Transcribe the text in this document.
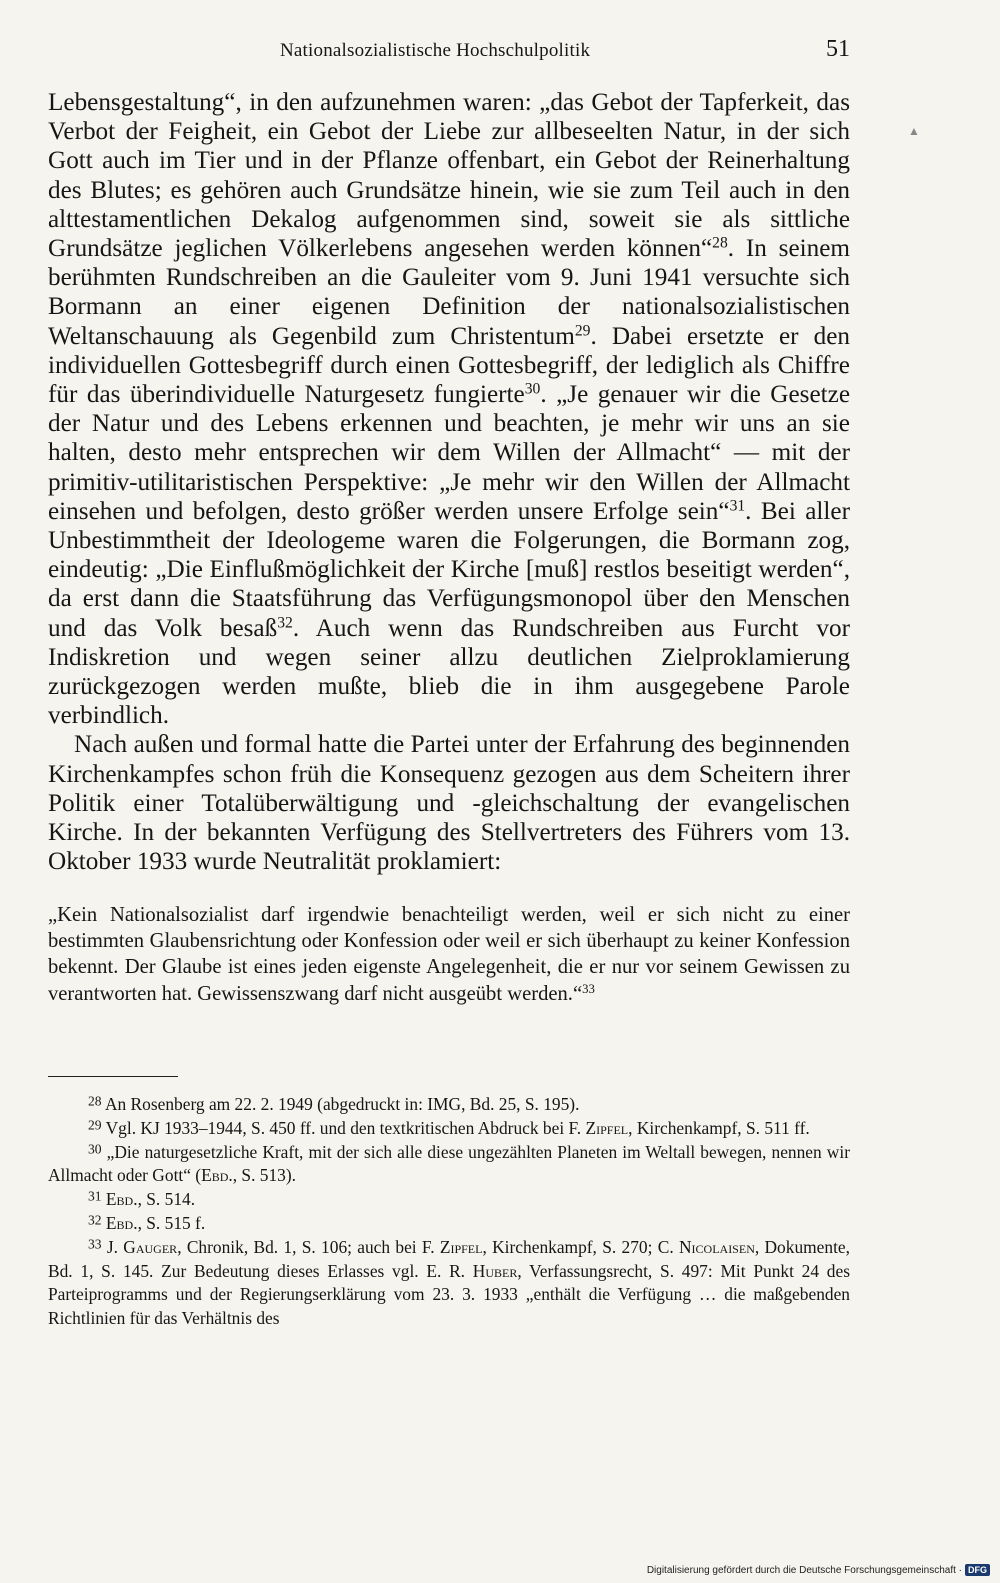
Nationalsozialistische Hochschulpolitik	51
▲

Lebensgestaltung“, in den aufzunehmen waren: „das Gebot der Tapferkeit, das Verbot der Feigheit, ein Gebot der Liebe zur allbeseelten Natur, in der sich Gott auch im Tier und in der Pflanze offenbart, ein Gebot der Reinerhaltung des Blutes; es gehören auch Grundsätze hinein, wie sie zum Teil auch in den alttestamentlichen Dekalog aufgenommen sind, soweit sie als sittliche Grundsätze jeglichen Völkerlebens angesehen werden können“$^{28}$. In seinem berühmten Rundschreiben an die Gauleiter vom 9. Juni 1941 versuchte sich Bormann an einer eigenen Definition der nationalsozialistischen Weltanschauung als Gegenbild zum Christentum$^{29}$. Dabei ersetzte er den individuellen Gottesbegriff durch einen Gottesbegriff, der lediglich als Chiffre für das überindividuelle Naturgesetz fungierte$^{30}$. „Je genauer wir die Gesetze der Natur und des Lebens erkennen und beachten, je mehr wir uns an sie halten, desto mehr entsprechen wir dem Willen der Allmacht“ — mit der primitiv-utilitaristischen Perspektive: „Je mehr wir den Willen der Allmacht einsehen und befolgen, desto größer werden unsere Erfolge sein“$^{31}$. Bei aller Unbestimmtheit der Ideologeme waren die Folgerungen, die Bormann zog, eindeutig: „Die Einflußmöglichkeit der Kirche [muß] restlos beseitigt werden“, da erst dann die Staatsführung das Verfügungsmonopol über den Menschen und das Volk besaß$^{32}$. Auch wenn das Rundschreiben aus Furcht vor Indiskretion und wegen seiner allzu deutlichen Zielproklamierung zurückgezogen werden mußte, blieb die in ihm ausgegebene Parole verbindlich.

Nach außen und formal hatte die Partei unter der Erfahrung des beginnenden Kirchenkampfes schon früh die Konsequenz gezogen aus dem Scheitern ihrer Politik einer Totalüberwältigung und -gleichschaltung der evangelischen Kirche. In der bekannten Verfügung des Stellvertreters des Führers vom 13. Oktober 1933 wurde Neutralität proklamiert:

„Kein Nationalsozialist darf irgendwie benachteiligt werden, weil er sich nicht zu einer bestimmten Glaubensrichtung oder Konfession oder weil er sich überhaupt zu keiner Konfession bekennt. Der Glaube ist eines jeden eigenste Angelegenheit, die er nur vor seinem Gewissen zu verantworten hat. Gewissenszwang darf nicht ausgeübt werden.“$^{33}$

$^{28}$ An Rosenberg am 22. 2. 1949 (abgedruckt in: IMG, Bd. 25, S. 195).

$^{29}$ Vgl. KJ 1933–1944, S. 450 ff. und den textkritischen Abdruck bei F. Zipfel, Kirchenkampf, S. 511 ff.

$^{30}$ „Die naturgesetzliche Kraft, mit der sich alle diese ungezählten Planeten im Weltall bewegen, nennen wir Allmacht oder Gott“ (Ebd., S. 513).

$^{31}$ Ebd., S. 514.

$^{32}$ Ebd., S. 515 f.

$^{33}$ J. Gauger, Chronik, Bd. 1, S. 106; auch bei F. Zipfel, Kirchenkampf, S. 270; C. Nicolaisen, Dokumente, Bd. 1, S. 145. Zur Bedeutung dieses Erlasses vgl. E. R. Huber, Verfassungsrecht, S. 497: Mit Punkt 24 des Parteiprogramms und der Regierungserklärung vom 23. 3. 1933 „enthält die Verfügung … die maßgebenden Richtlinien für das Verhältnis des

Digitalisierung gefördert durch die Deutsche Forschungsgemeinschaft · DFG
